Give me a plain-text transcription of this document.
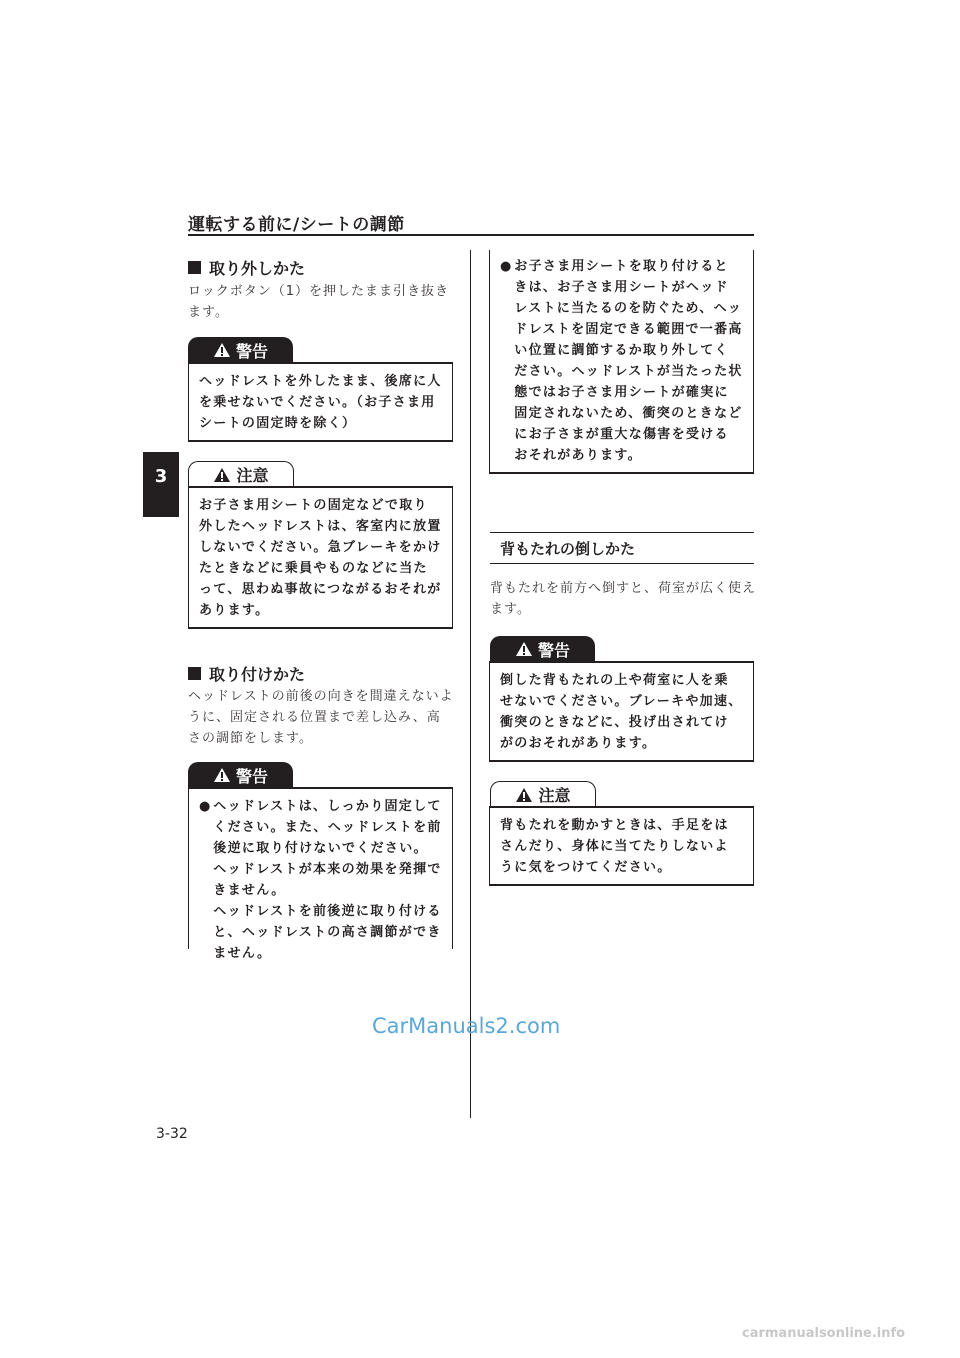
運転する前に/シートの調節
3
取り外しかた
ロックボタン（1）を押したまま引き抜きます。
警告

ヘッドレストを外したまま、後席に人を乗せないでください。（お子さま用シートの固定時を除く）

注意

お子さま用シートの固定などで取り外したヘッドレストは、客室内に放置しないでください。急ブレーキをかけたときなどに乗員やものなどに当たって、思わぬ事故につながるおそれがあります。

取り付けかた
ヘッドレストの前後の向きを間違えないように、固定される位置まで差し込み、高さの調節をします。
警告

● ヘッドレストは、しっかり固定してください。また、ヘッドレストを前後逆に取り付けないでください。ヘッドレストが本来の効果を発揮できません。

ヘッドレストを前後逆に取り付けると、ヘッドレストの高さ調節ができません。

● お子さま用シートを取り付けるときは、お子さま用シートがヘッドレストに当たるのを防ぐため、ヘッドレストを固定できる範囲で一番高い位置に調節するか取り外してください。ヘッドレストが当たった状態ではお子さま用シートが確実に固定されないため、衝突のときなどにお子さまが重大な傷害を受けるおそれがあります。

背もたれの倒しかた
背もたれを前方へ倒すと、荷室が広く使えます。
警告

倒した背もたれの上や荷室に人を乗せないでください。ブレーキや加速、衝突のときなどに、投げ出されてけがのおそれがあります。

注意

背もたれを動かすときは、手足をはさんだり、身体に当てたりしないように気をつけてください。

CarManuals2.com
3-32
carmanualsonline.info
